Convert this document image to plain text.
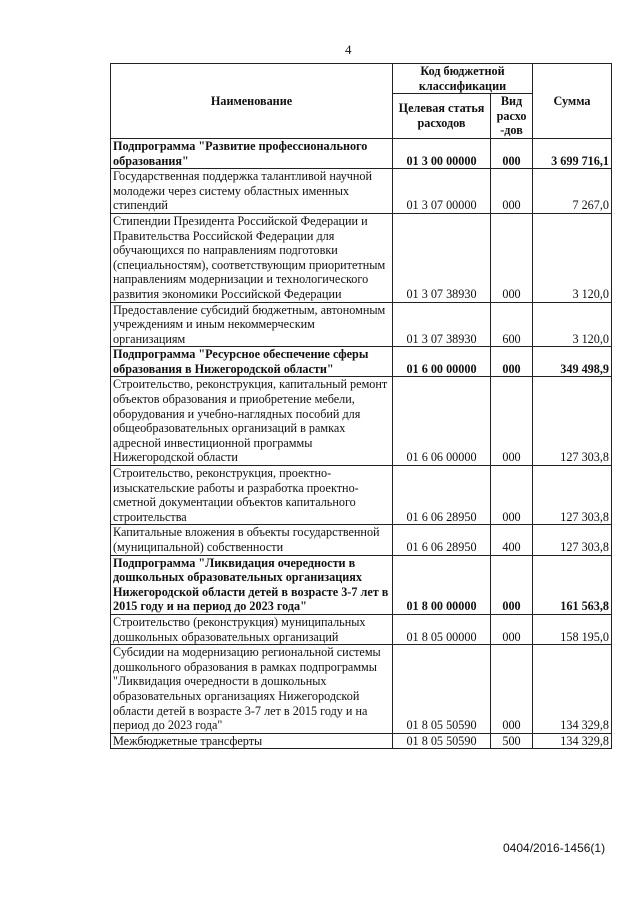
4
Наименование	Код бюджетной классификации		Сумма
	Целевая статья расходов	Вид расхо -дов	
Подпрограмма "Развитие профессионального образования"	01 3 00 00000	000	3 699 716,1
Государственная поддержка талантливой научной молодежи через систему областных именных стипендий	01 3 07 00000	000	7 267,0
Стипендии Президента Российской Федерации и Правительства Российской Федерации для обучающихся по направлениям подготовки (специальностям), соответствующим приоритетным направлениям модернизации и технологического развития экономики Российской Федерации	01 3 07 38930	000	3 120,0
Предоставление субсидий бюджетным, автономным учреждениям и иным некоммерческим организациям	01 3 07 38930	600	3 120,0
Подпрограмма "Ресурсное обеспечение сферы образования в Нижегородской области"	01 6 00 00000	000	349 498,9
Строительство, реконструкция, капитальный ремонт объектов образования и приобретение мебели, оборудования и учебно-наглядных пособий для общеобразовательных организаций в рамках адресной инвестиционной программы Нижегородской области	01 6 06 00000	000	127 303,8
Строительство, реконструкция, проектно-изыскательские работы и разработка проектно-сметной документации объектов капитального строительства	01 6 06 28950	000	127 303,8
Капитальные вложения в объекты государственной (муниципальной) собственности	01 6 06 28950	400	127 303,8
Подпрограмма "Ликвидация очередности в дошкольных образовательных организациях Нижегородской области детей в возрасте 3-7 лет в 2015 году и на период до 2023 года"	01 8 00 00000	000	161 563,8
Строительство (реконструкция) муниципальных дошкольных образовательных организаций	01 8 05 00000	000	158 195,0
Субсидии на модернизацию региональной системы дошкольного образования в рамках подпрограммы "Ликвидация очередности в дошкольных образовательных организациях Нижегородской области детей в возрасте 3-7 лет в 2015 году и на период до 2023 года"	01 8 05 50590	000	134 329,8
Межбюджетные трансферты	01 8 05 50590	500	134 329,8
0404/2016-1456(1)
